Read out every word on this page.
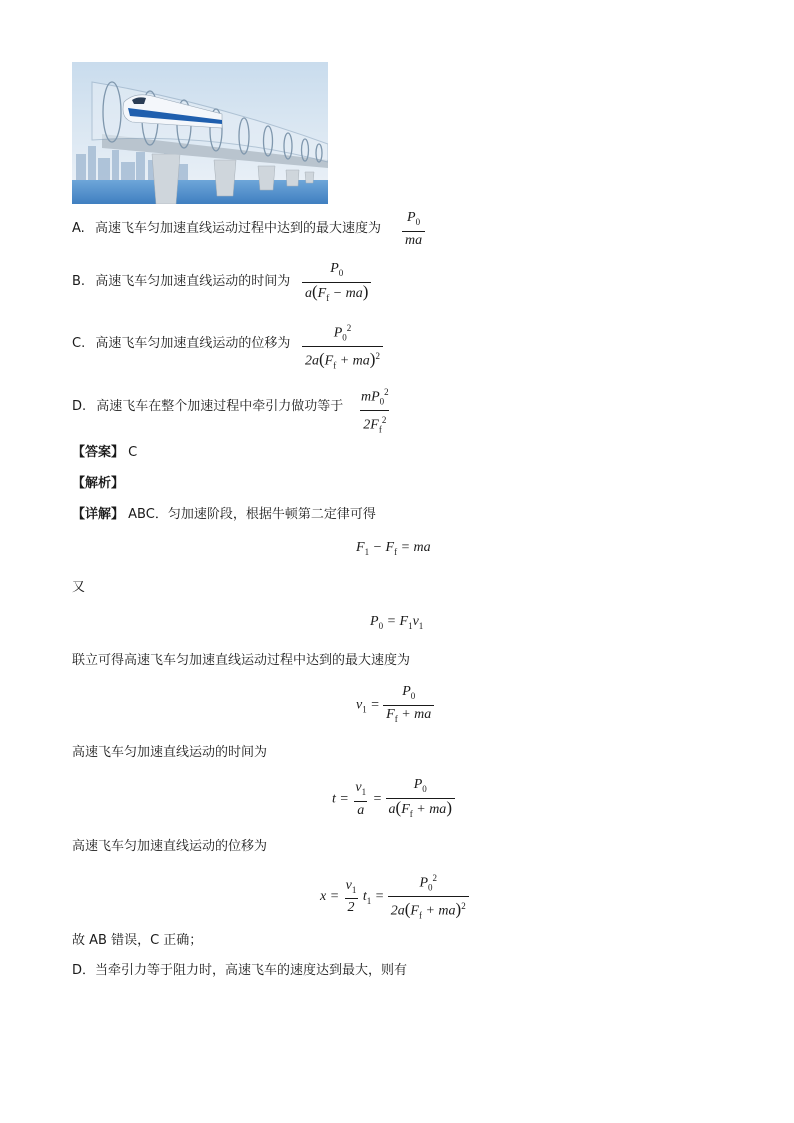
A. 高速飞车匀加速直线运动过程中达到的最大速度为 $\frac{P_0}{ma}$
B. 高速飞车匀加速直线运动的时间为 $\frac{P_0}{a(F_f - ma)}$
C. 高速飞车匀加速直线运动的位移为 $\frac{P_0^2}{2a(F_f + ma)^2}$
D. 高速飞车在整个加速过程中牵引力做功等于 $\frac{mP_0^2}{2F_f^2}$
【答案】 C
【解析】
【详解】 ABC．匀加速阶段，根据牛顿第二定律可得
$F_1 - F_f$ = ma
又
$P_0 = F_1v_1$
联立可得高速飞车匀加速直线运动过程中达到的最大速度为
$v_1 = \frac{P_0}{F_f + ma}$
高速飞车匀加速直线运动的时间为
$t = \frac{v_1}{a} = \frac{P_0}{a(F_f + ma)}$
高速飞车匀加速直线运动的位移为
$x = \frac{v_1}{2} t_1 = \frac{P_0^2}{2a(F_f + ma)^2}$
故 AB 错误，C 正确；
D．当牵引力等于阻力时，高速飞车的速度达到最大，则有
